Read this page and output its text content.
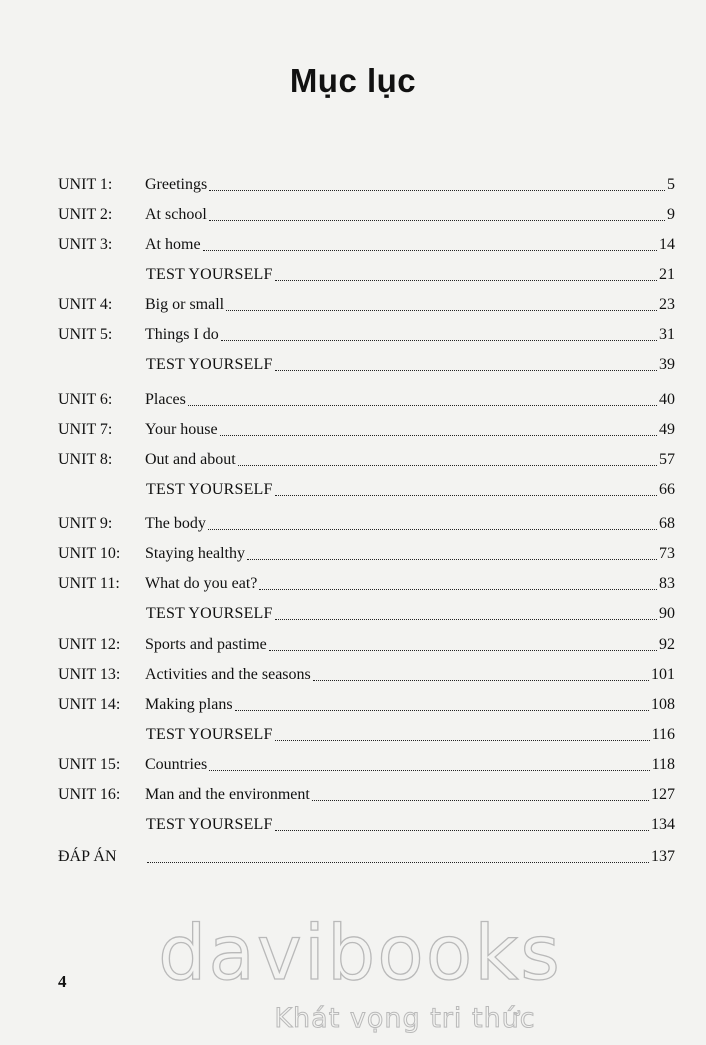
Mục lục
UNIT 1: Greetings	5
UNIT 2: At school	9
UNIT 3: At home	14
TEST YOURSELF	21
UNIT 4: Big or small	23
UNIT 5: Things I do	31
TEST YOURSELF	39
UNIT 6: Places	40
UNIT 7: Your house	49
UNIT 8: Out and about	57
TEST YOURSELF	66
UNIT 9: The body	68
UNIT 10: Staying healthy	73
UNIT 11: What do you eat?	83
TEST YOURSELF	90
UNIT 12: Sports and pastime	92
UNIT 13: Activities and the seasons	101
UNIT 14: Making plans	108
TEST YOURSELF	116
UNIT 15: Countries	118
UNIT 16: Man and the environment	127
TEST YOURSELF	134
ĐÁP ÁN	137
4 davibooks
Khát vọng tri thức
